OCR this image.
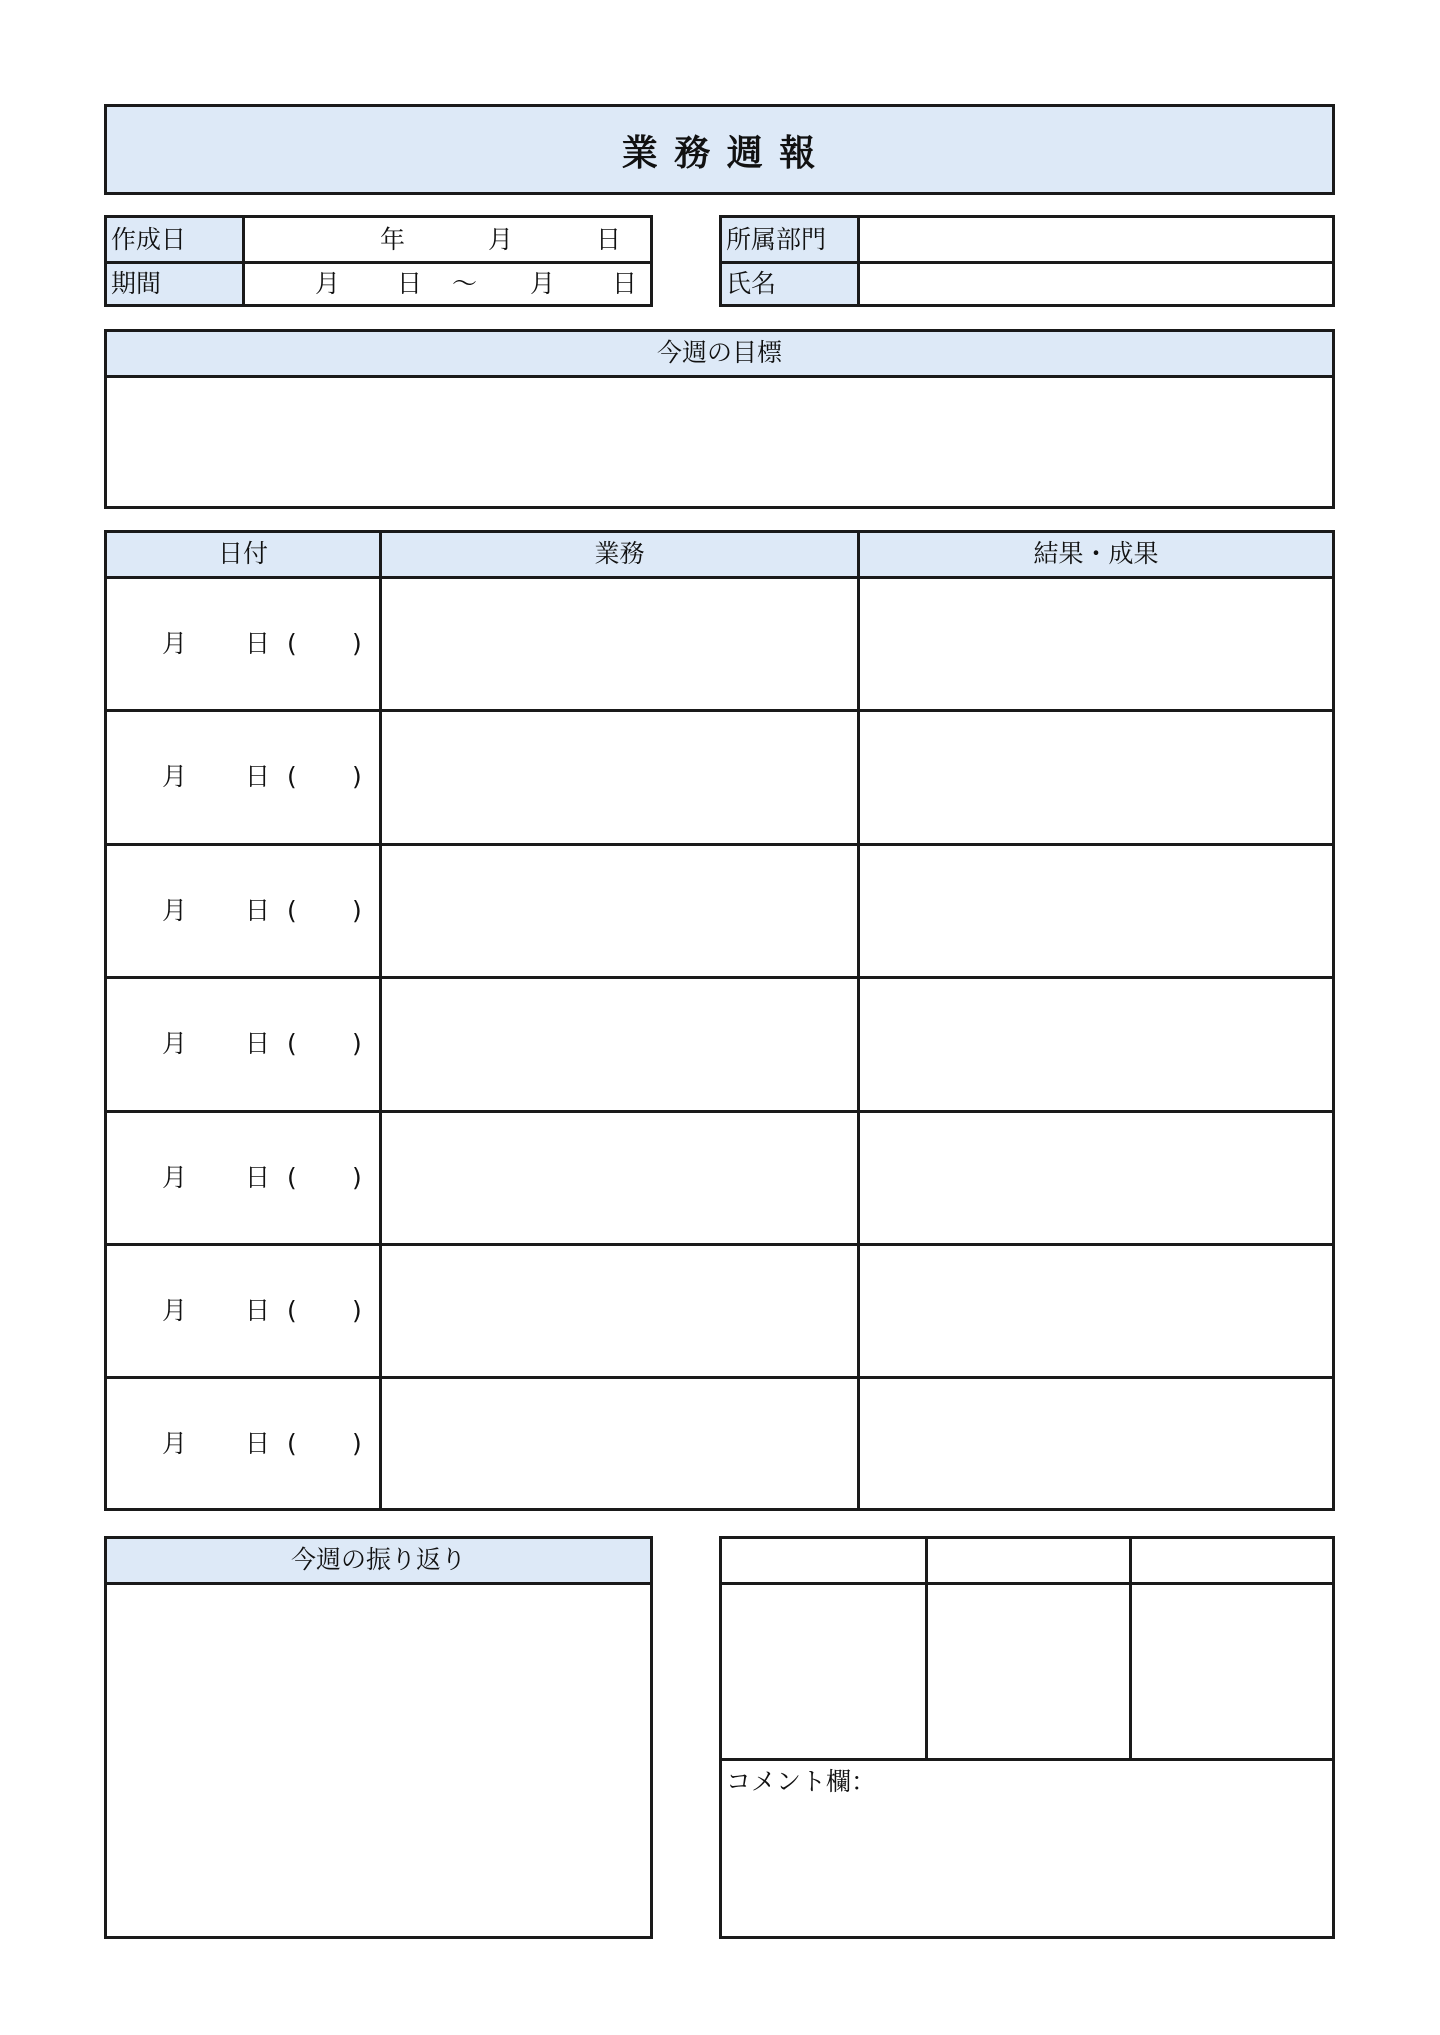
業 務 週 報
作成日	年	月	日
期間	月 日 ～ 月 日
所属部門
氏名
今週の目標
日付	業務	結果・成果
月 日 ( )
月 日 ( )
月 日 ( )
月 日 ( )
月 日 ( )
月 日 ( )
月 日 ( )
今週の振り返り
コメント欄：
